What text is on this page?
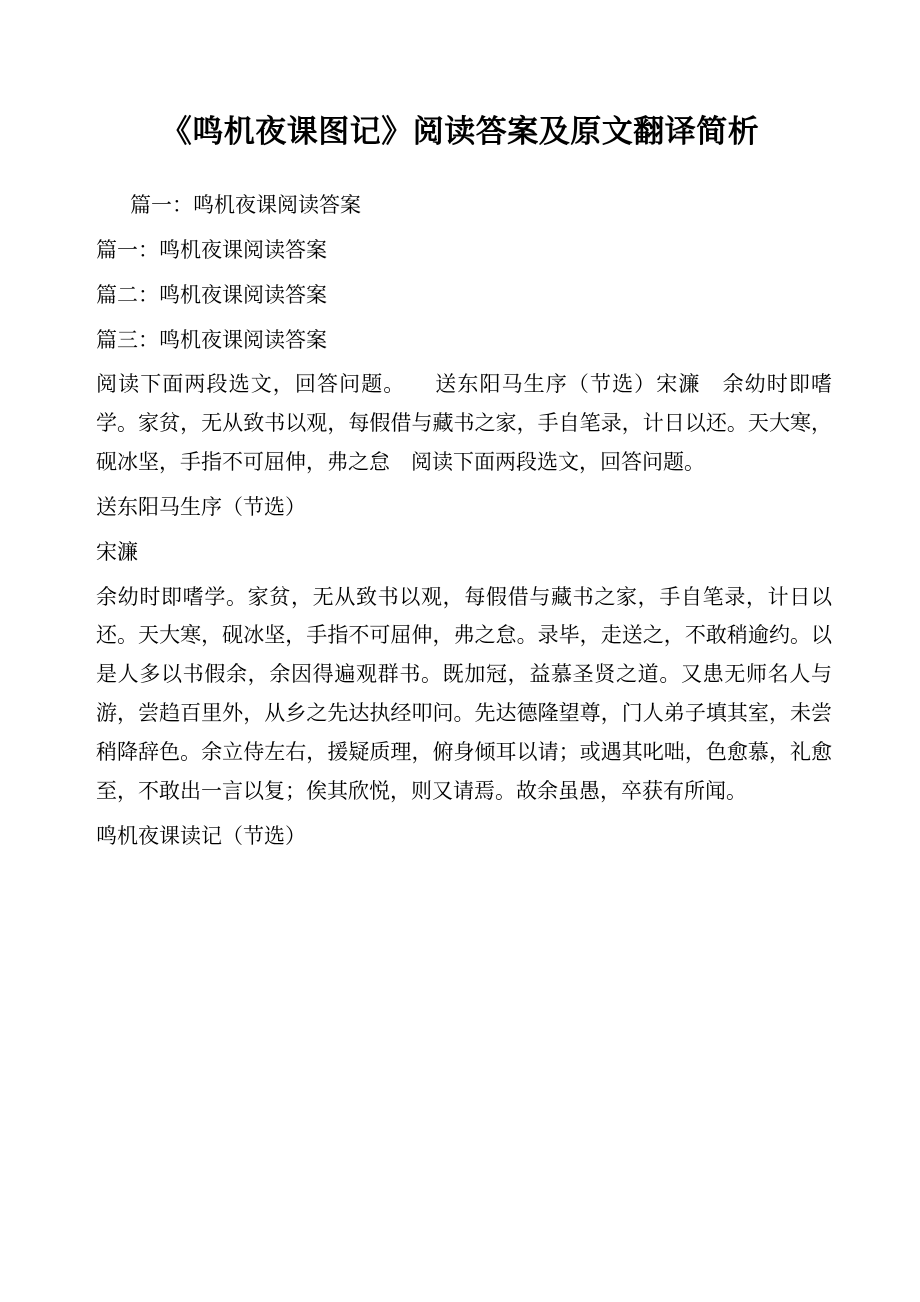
《鸣机夜课图记》阅读答案及原文翻译简析

篇一：鸣机夜课阅读答案

篇一：鸣机夜课阅读答案

篇二：鸣机夜课阅读答案

篇三：鸣机夜课阅读答案

阅读下面两段选文，回答问题。 　送东阳马生序（节选）宋濂　余幼时即嗜学。家贫，无从致书以观，每假借与藏书之家，手自笔录，计日以还。天大寒，砚冰坚，手指不可屈伸，弗之怠　阅读下面两段选文，回答问题。

送东阳马生序（节选）

宋濂

余幼时即嗜学。家贫，无从致书以观，每假借与藏书之家，手自笔录，计日以还。天大寒，砚冰坚，手指不可屈伸，弗之怠。录毕，走送之，不敢稍逾约。以是人多以书假余，余因得遍观群书。既加冠，益慕圣贤之道。又患无师名人与游，尝趋百里外，从乡之先达执经叩问。先达德隆望尊，门人弟子填其室，未尝稍降辞色。余立侍左右，援疑质理，俯身倾耳以请；或遇其叱咄，色愈慕，礼愈至，不敢出一言以复；俟其欣悦，则又请焉。故余虽愚，卒获有所闻。

鸣机夜课读记（节选）
